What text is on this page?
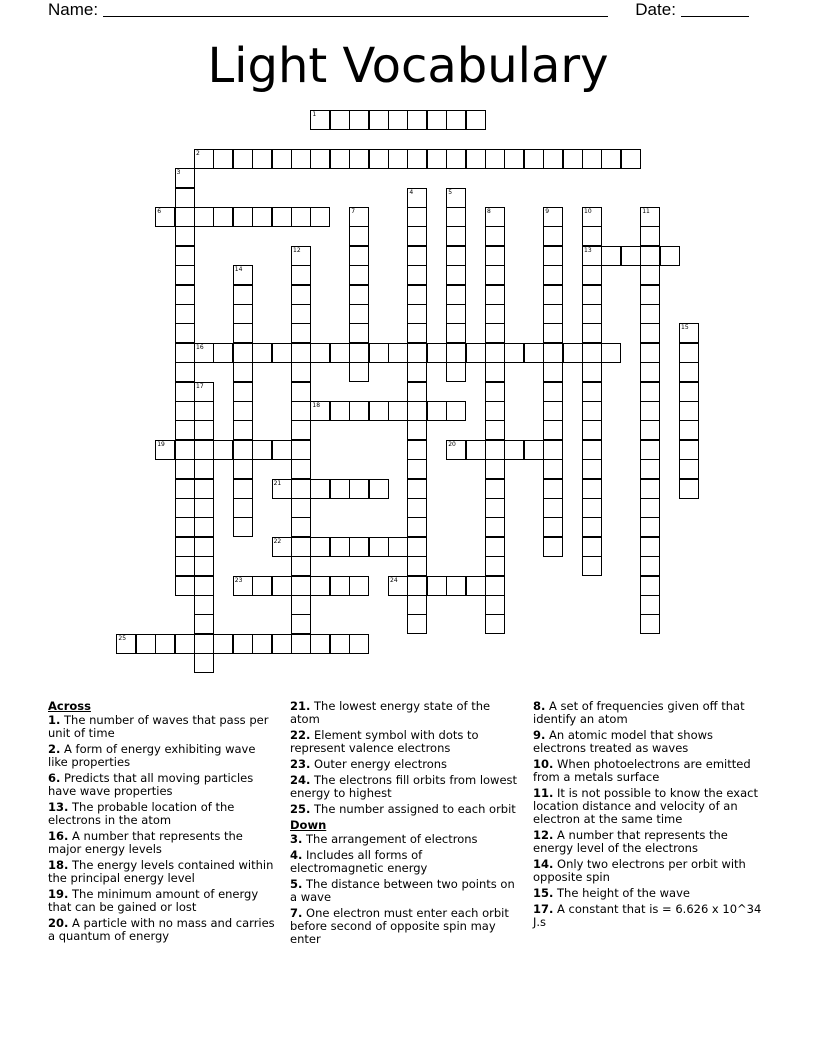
Name:	Date:
Light Vocabulary
1
2
6
13
16
18
19	20
21
22
23	24
25
3
4	5
7	8	9	10	11
12
14
15
17
Across
1. The number of waves that pass per unit of time
2. A form of energy exhibiting wave like properties
6. Predicts that all moving particles have wave properties
13. The probable location of the electrons in the atom
16. A number that represents the major energy levels
18. The energy levels contained within the principal energy level
19. The minimum amount of energy that can be gained or lost
20. A particle with no mass and carries a quantum of energy
21. The lowest energy state of the atom
22. Element symbol with dots to represent valence electrons
23. Outer energy electrons
24. The electrons fill orbits from lowest energy to highest
25. The number assigned to each orbit
Down
3. The arrangement of electrons
4. Includes all forms of electromagnetic energy
5. The distance between two points on a wave
7. One electron must enter each orbit before second of opposite spin may enter
8. A set of frequencies given off that identify an atom
9. An atomic model that shows electrons treated as waves
10. When photoelectrons are emitted from a metals surface
11. It is not possible to know the exact location distance and velocity of an electron at the same time
12. A number that represents the energy level of the electrons
14. Only two electrons per orbit with opposite spin
15. The height of the wave
17. A constant that is = 6.626 x 10^34 J.s
